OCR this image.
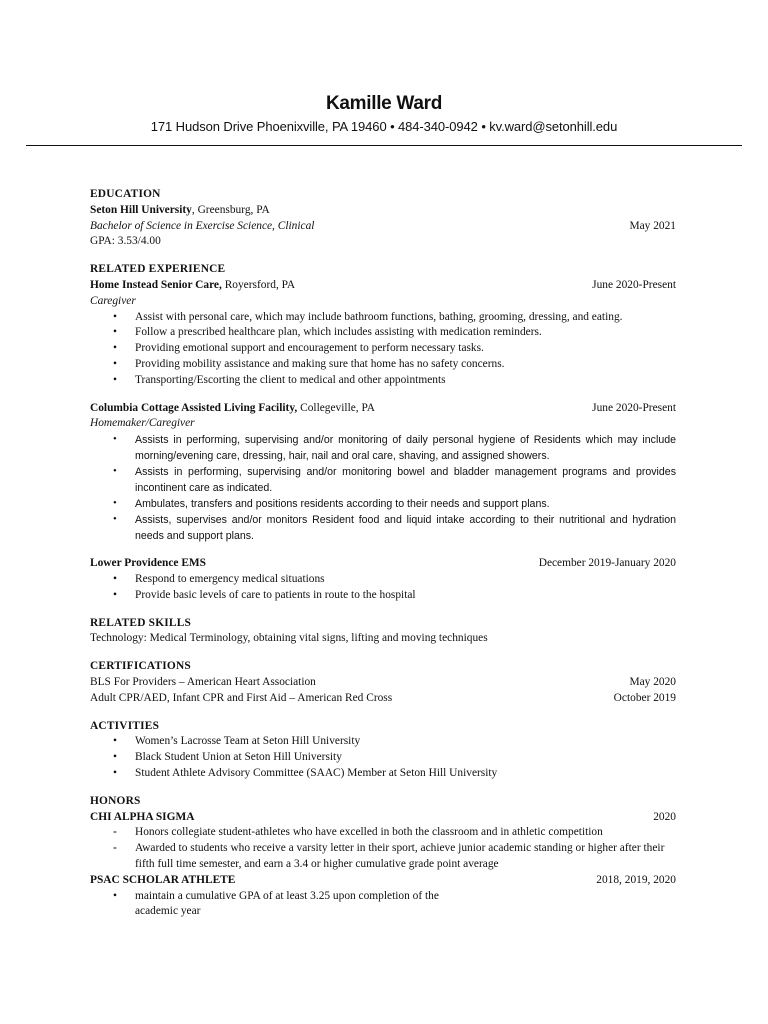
Kamille Ward
171 Hudson Drive Phoenixville, PA 19460 • 484-340-0942 • kv.ward@setonhill.edu
EDUCATION
Seton Hill University, Greensburg, PA
Bachelor of Science in Exercise Science, Clinical	May 2021
GPA: 3.53/4.00
RELATED EXPERIENCE
Home Instead Senior Care, Royersford, PA	June 2020-Present
Caregiver
•	Assist with personal care, which may include bathroom functions, bathing, grooming, dressing, and eating.
•	Follow a prescribed healthcare plan, which includes assisting with medication reminders.
•	Providing emotional support and encouragement to perform necessary tasks.
•	Providing mobility assistance and making sure that home has no safety concerns.
•	Transporting/Escorting the client to medical and other appointments
Columbia Cottage Assisted Living Facility, Collegeville, PA	June 2020-Present
Homemaker/Caregiver
•	Assists in performing, supervising and/or monitoring of daily personal hygiene of Residents which may include morning/evening care, dressing, hair, nail and oral care, shaving, and assigned showers.
•	Assists in performing, supervising and/or monitoring bowel and bladder management programs and provides incontinent care as indicated.
•	Ambulates, transfers and positions residents according to their needs and support plans.
•	Assists, supervises and/or monitors Resident food and liquid intake according to their nutritional and hydration needs and support plans.
Lower Providence EMS	December 2019-January 2020
•	Respond to emergency medical situations
•	Provide basic levels of care to patients in route to the hospital
RELATED SKILLS
Technology: Medical Terminology, obtaining vital signs, lifting and moving techniques
CERTIFICATIONS
BLS For Providers – American Heart Association	May 2020
Adult CPR/AED, Infant CPR and First Aid – American Red Cross	October 2019
ACTIVITIES
•	Women’s Lacrosse Team at Seton Hill University
•	Black Student Union at Seton Hill University
•	Student Athlete Advisory Committee (SAAC) Member at Seton Hill University
HONORS
CHI ALPHA SIGMA	2020
-	Honors collegiate student-athletes who have excelled in both the classroom and in athletic competition
-	Awarded to students who receive a varsity letter in their sport, achieve junior academic standing or higher after their fifth full time semester, and earn a 3.4 or higher cumulative grade point average
PSAC SCHOLAR ATHLETE	2018, 2019, 2020
•	maintain a cumulative GPA of at least 3.25 upon completion of the academic year
